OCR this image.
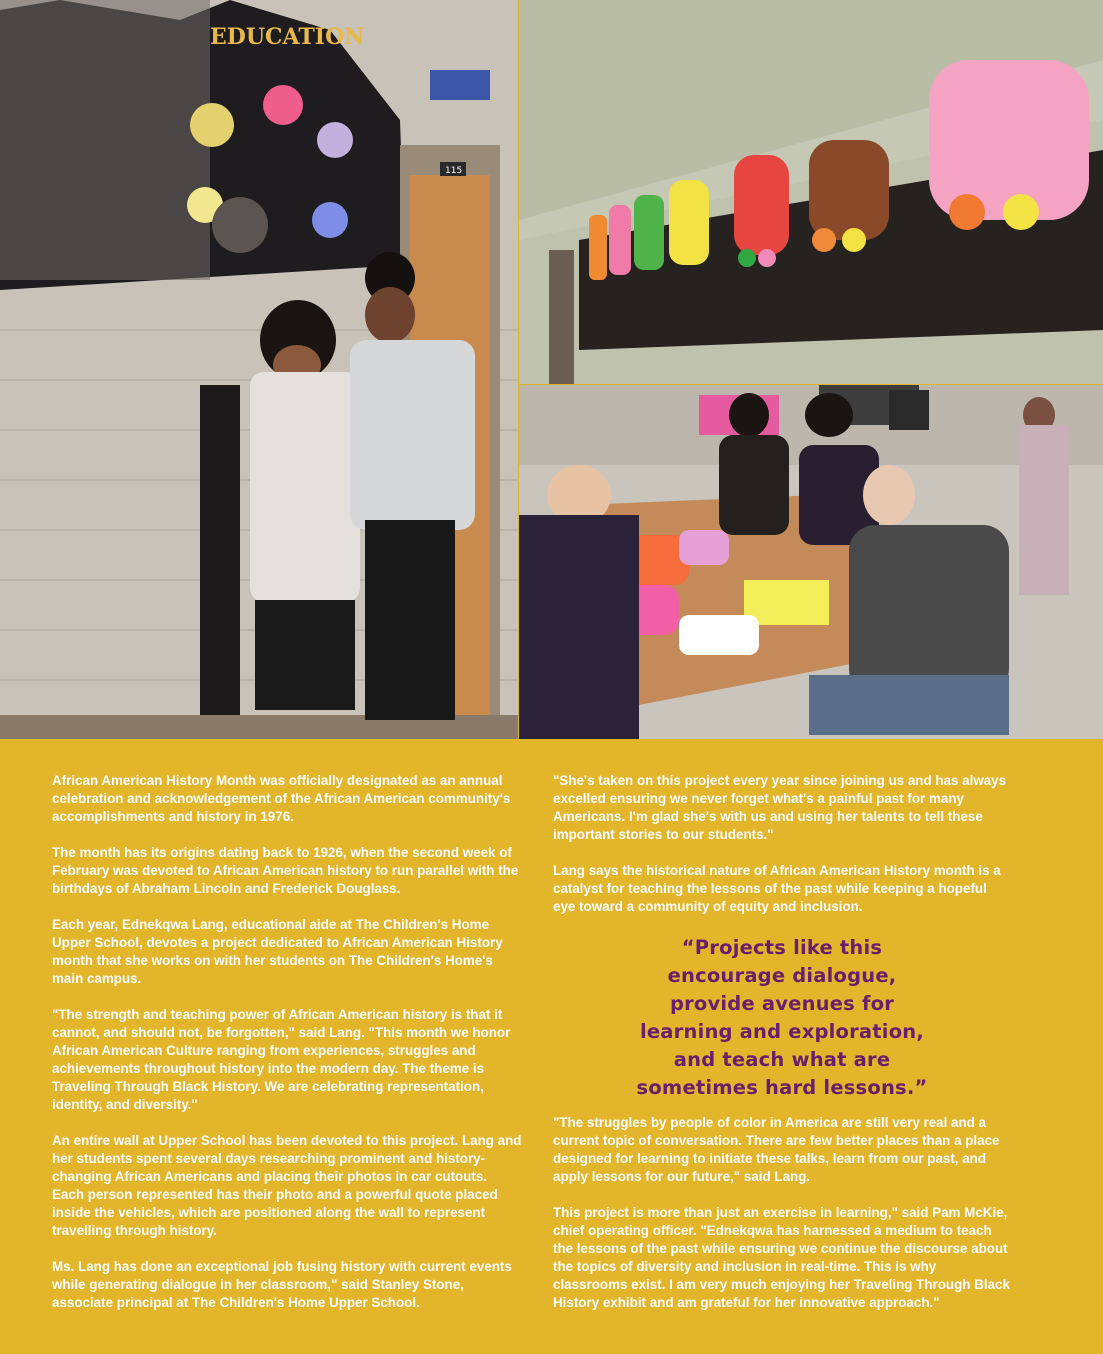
EDUCATION
115

African American History Month was officially designated as an annual celebration and acknowledgement of the African American community's accomplishments and history in 1976.

The month has its origins dating back to 1926, when the second week of February was devoted to African American history to run parallel with the birthdays of Abraham Lincoln and Frederick Douglass.

Each year, Ednekqwa Lang, educational aide at The Children's Home Upper School, devotes a project dedicated to African American History month that she works on with her students on The Children's Home's main campus.

"The strength and teaching power of African American history is that it cannot, and should not, be forgotten," said Lang. "This month we honor African American Culture ranging from experiences, struggles and achievements throughout history into the modern day. The theme is Traveling Through Black History. We are celebrating representation, identity, and diversity."

An entire wall at Upper School has been devoted to this project. Lang and her students spent several days researching prominent and history-changing African Americans and placing their photos in car cutouts. Each person represented has their photo and a powerful quote placed inside the vehicles, which are positioned along the wall to represent travelling through history.

Ms. Lang has done an exceptional job fusing history with current events while generating dialogue in her classroom," said Stanley Stone, associate principal at The Children's Home Upper School.

"She's taken on this project every year since joining us and has always excelled ensuring we never forget what's a painful past for many Americans. I'm glad she's with us and using her talents to tell these important stories to our students."

Lang says the historical nature of African American History month is a catalyst for teaching the lessons of the past while keeping a hopeful eye toward a community of equity and inclusion.

“Projects like this encourage dialogue, provide avenues for learning and exploration, and teach what are sometimes hard lessons.”

"The struggles by people of color in America are still very real and a current topic of conversation. There are few better places than a place designed for learning to initiate these talks, learn from our past, and apply lessons for our future," said Lang.

This project is more than just an exercise in learning," said Pam McKie, chief operating officer. "Ednekqwa has harnessed a medium to teach the lessons of the past while ensuring we continue the discourse about the topics of diversity and inclusion in real-time. This is why classrooms exist. I am very much enjoying her Traveling Through Black History exhibit and am grateful for her innovative approach."
